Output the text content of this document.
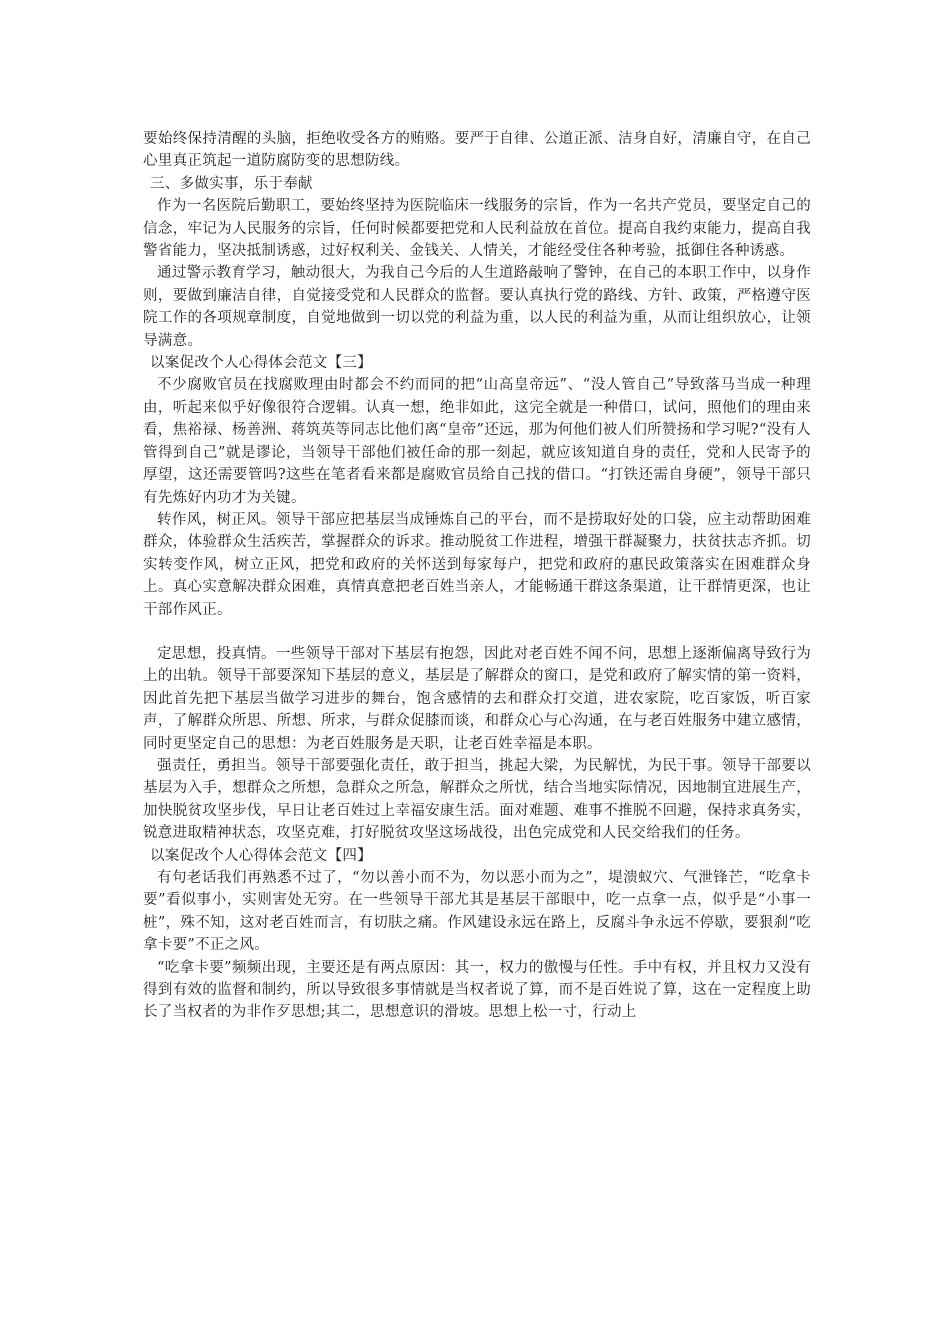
要始终保持清醒的头脑，拒绝收受各方的贿赂。要严于自律、公道正派、洁身自好，清廉自守，在自己心里真正筑起一道防腐防变的思想防线。

三、多做实事，乐于奉献

作为一名医院后勤职工，要始终坚持为医院临床一线服务的宗旨，作为一名共产党员，要坚定自己的信念，牢记为人民服务的宗旨，任何时候都要把党和人民利益放在首位。提高自我约束能力，提高自我警省能力，坚决抵制诱惑，过好权利关、金钱关、人情关，才能经受住各种考验，抵御住各种诱惑。

通过警示教育学习，触动很大，为我自己今后的人生道路敲响了警钟，在自己的本职工作中，以身作则，要做到廉洁自律，自觉接受党和人民群众的监督。要认真执行党的路线、方针、政策，严格遵守医院工作的各项规章制度，自觉地做到一切以党的利益为重，以人民的利益为重，从而让组织放心，让领导满意。

以案促改个人心得体会范文【三】

不少腐败官员在找腐败理由时都会不约而同的把“山高皇帝远”、“没人管自己”导致落马当成一种理由，听起来似乎好像很符合逻辑。认真一想，绝非如此，这完全就是一种借口，试问，照他们的理由来看，焦裕禄、杨善洲、蒋筑英等同志比他们离“皇帝”还远，那为何他们被人们所赞扬和学习呢?“没有人管得到自己”就是谬论，当领导干部他们被任命的那一刻起，就应该知道自身的责任，党和人民寄予的厚望，这还需要管吗?这些在笔者看来都是腐败官员给自己找的借口。“打铁还需自身硬”，领导干部只有先炼好内功才为关键。

转作风，树正风。领导干部应把基层当成锤炼自己的平台，而不是捞取好处的口袋，应主动帮助困难群众，体验群众生活疾苦，掌握群众的诉求。推动脱贫工作进程，增强干群凝聚力，扶贫扶志齐抓。切实转变作风，树立正风，把党和政府的关怀送到每家每户，把党和政府的惠民政策落实在困难群众身上。真心实意解决群众困难，真情真意把老百姓当亲人，才能畅通干群这条渠道，让干群情更深，也让干部作风正。

定思想，投真情。一些领导干部对下基层有抱怨，因此对老百姓不闻不问，思想上逐渐偏离导致行为上的出轨。领导干部要深知下基层的意义，基层是了解群众的窗口，是党和政府了解实情的第一资料，因此首先把下基层当做学习进步的舞台，饱含感情的去和群众打交道，进农家院，吃百家饭，听百家声，了解群众所思、所想、所求，与群众促膝而谈，和群众心与心沟通，在与老百姓服务中建立感情，同时更坚定自己的思想：为老百姓服务是天职，让老百姓幸福是本职。

强责任，勇担当。领导干部要强化责任，敢于担当，挑起大梁，为民解忧，为民干事。领导干部要以基层为入手，想群众之所想，急群众之所急，解群众之所忧，结合当地实际情况，因地制宜进展生产，加快脱贫攻坚步伐，早日让老百姓过上幸福安康生活。面对难题、难事不推脱不回避，保持求真务实，锐意进取精神状态，攻坚克难，打好脱贫攻坚这场战役，出色完成党和人民交给我们的任务。

以案促改个人心得体会范文【四】

有句老话我们再熟悉不过了，“勿以善小而不为，勿以恶小而为之”，堤溃蚁穴、气泄锋芒，“吃拿卡要”看似事小，实则害处无穷。在一些领导干部尤其是基层干部眼中，吃一点拿一点，似乎是“小事一桩”，殊不知，这对老百姓而言，有切肤之痛。作风建设永远在路上，反腐斗争永远不停歇，要狠刹“吃拿卡要”不正之风。

“吃拿卡要”频频出现，主要还是有两点原因：其一，权力的傲慢与任性。手中有权，并且权力又没有得到有效的监督和制约，所以导致很多事情就是当权者说了算，而不是百姓说了算，这在一定程度上助长了当权者的为非作歹思想;其二，思想意识的滑坡。思想上松一寸，行动上
